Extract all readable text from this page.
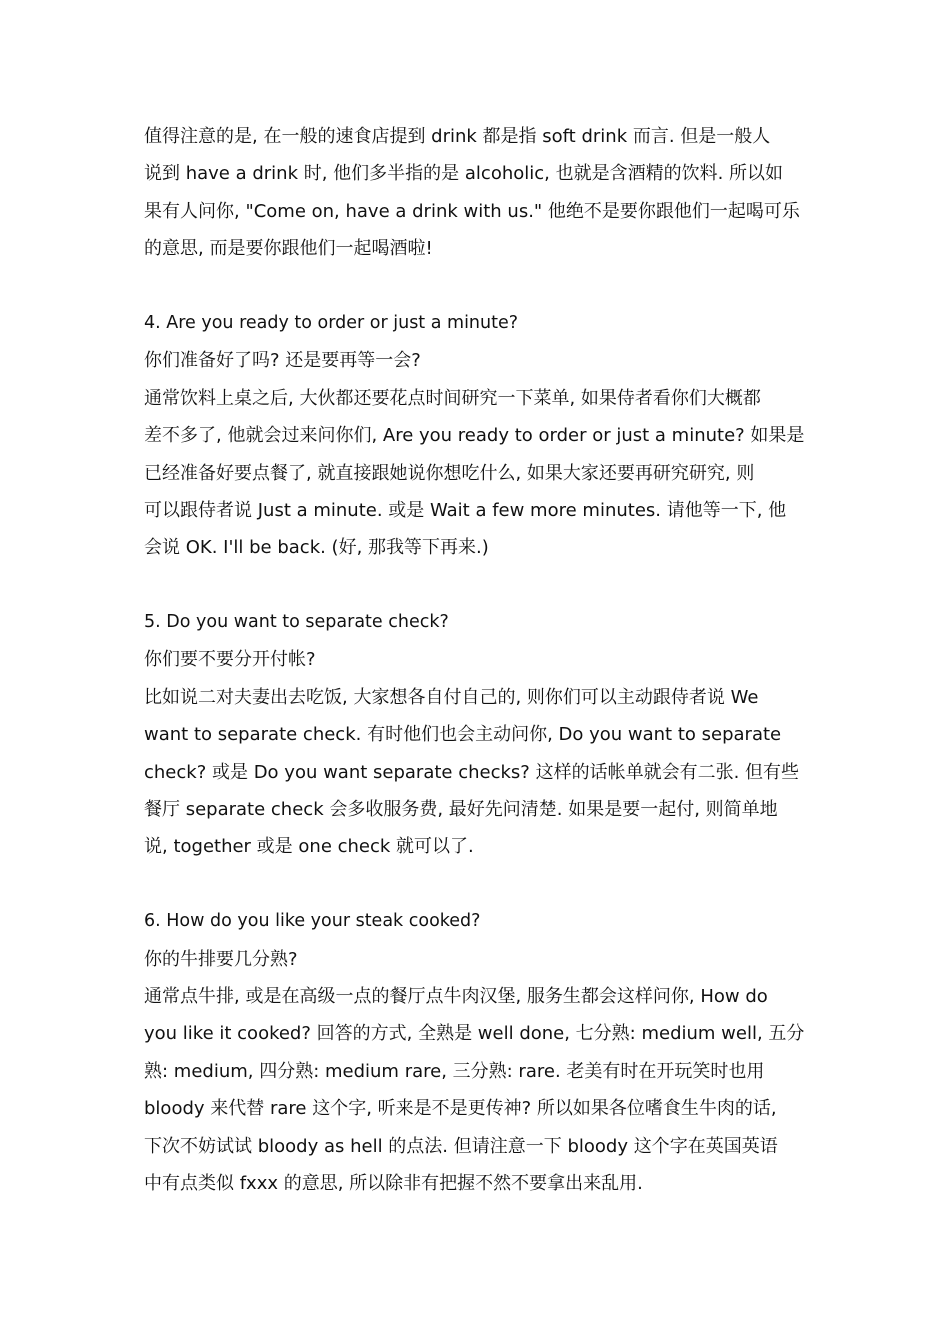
值得注意的是, 在一般的速食店提到 drink 都是指 soft drink 而言. 但是一般人
说到 have a drink 时, 他们多半指的是 alcoholic, 也就是含酒精的饮料. 所以如
果有人问你, "Come on, have a drink with us." 他绝不是要你跟他们一起喝可乐
的意思, 而是要你跟他们一起喝酒啦!
4. Are you ready to order or just a minute?
你们准备好了吗? 还是要再等一会?
通常饮料上桌之后, 大伙都还要花点时间研究一下菜单, 如果侍者看你们大概都
差不多了, 他就会过来问你们, Are you ready to order or just a minute? 如果是
已经准备好要点餐了, 就直接跟她说你想吃什么, 如果大家还要再研究研究, 则
可以跟侍者说 Just a minute. 或是 Wait a few more minutes. 请他等一下, 他
会说 OK. I'll be back. (好, 那我等下再来.)
5. Do you want to separate check?
你们要不要分开付帐?
比如说二对夫妻出去吃饭, 大家想各自付自己的, 则你们可以主动跟侍者说 We
want to separate check. 有时他们也会主动问你, Do you want to separate
check? 或是 Do you want separate checks? 这样的话帐单就会有二张. 但有些
餐厅 separate check 会多收服务费, 最好先问清楚. 如果是要一起付, 则简单地
说, together 或是 one check 就可以了.
6. How do you like your steak cooked?
你的牛排要几分熟?
通常点牛排, 或是在高级一点的餐厅点牛肉汉堡, 服务生都会这样问你, How do
you like it cooked? 回答的方式, 全熟是 well done, 七分熟: medium well, 五分
熟: medium, 四分熟: medium rare, 三分熟: rare. 老美有时在开玩笑时也用
bloody 来代替 rare 这个字, 听来是不是更传神? 所以如果各位嗜食生牛肉的话,
下次不妨试试 bloody as hell 的点法. 但请注意一下 bloody 这个字在英国英语
中有点类似 fxxx 的意思, 所以除非有把握不然不要拿出来乱用.
